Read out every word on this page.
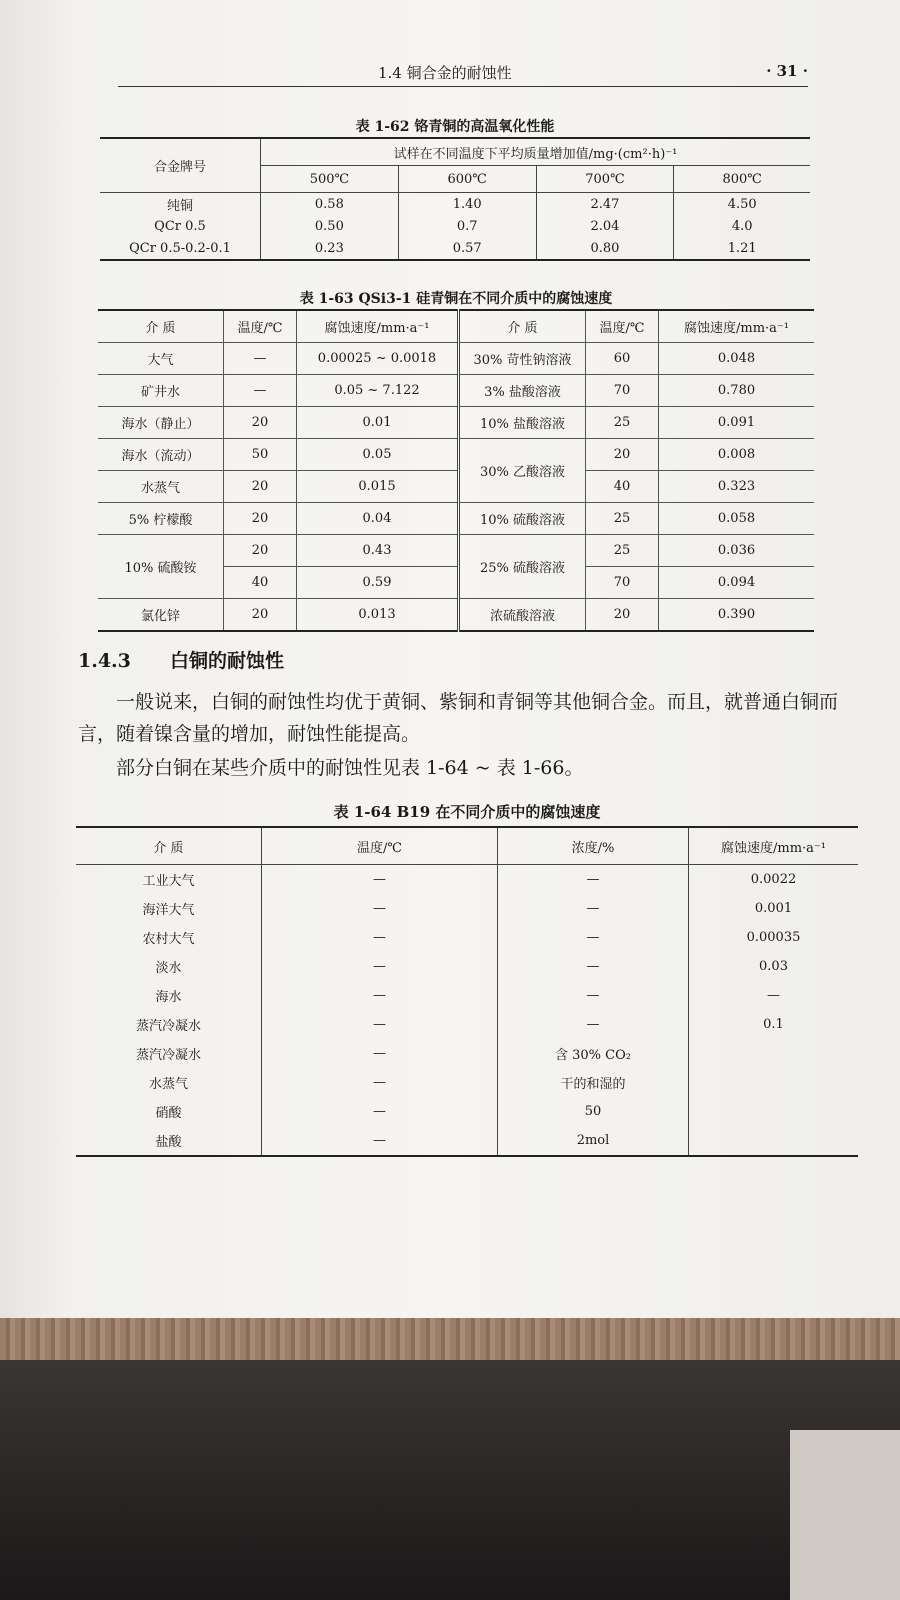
1.4 铜合金的耐蚀性	· 31 ·
表 1-62 铬青铜的高温氧化性能
合金牌号	试样在不同温度下平均质量增加值/mg·(cm²·h)⁻¹			
	500℃	600℃	700℃	800℃
纯铜	0.58	1.40	2.47	4.50
QCr 0.5	0.50	0.7	2.04	4.0
QCr 0.5-0.2-0.1	0.23	0.57	0.80	1.21
表 1-63 QSi3-1 硅青铜在不同介质中的腐蚀速度
介 质	温度/℃	腐蚀速度/mm·a⁻¹	介 质	温度/℃	腐蚀速度/mm·a⁻¹
大气	—	0.00025 ~ 0.0018	30% 苛性钠溶液	60	0.048
矿井水	—	0.05 ~ 7.122	3% 盐酸溶液	70	0.780
海水（静止）	20	0.01	10% 盐酸溶液	25	0.091
海水（流动）	50	0.05	30% 乙酸溶液	20	0.008
水蒸气	20	0.015		40	0.323
5% 柠檬酸	20	0.04	10% 硫酸溶液	25	0.058
10% 硫酸铵	20	0.43	25% 硫酸溶液	25	0.036
	40	0.59		70	0.094
氯化锌	20	0.013	浓硫酸溶液	20	0.390
1.4.3 白铜的耐蚀性
一般说来，白铜的耐蚀性均优于黄铜、紫铜和青铜等其他铜合金。而且，就普通白铜而言，随着镍含量的增加，耐蚀性能提高。
部分白铜在某些介质中的耐蚀性见表 1-64 ~ 表 1-66。
表 1-64 B19 在不同介质中的腐蚀速度
介 质	温度/℃	浓度/%	腐蚀速度/mm·a⁻¹
工业大气	—	—	0.0022
海洋大气	—	—	0.001
农村大气	—	—	0.00035
淡水	—	—	0.03
海水	—	—	—
蒸汽冷凝水	—	—	0.1
蒸汽冷凝水	—	含 30% CO₂	
水蒸气	—	干的和湿的	
硝酸	—	50	
盐酸	—	2mol	
